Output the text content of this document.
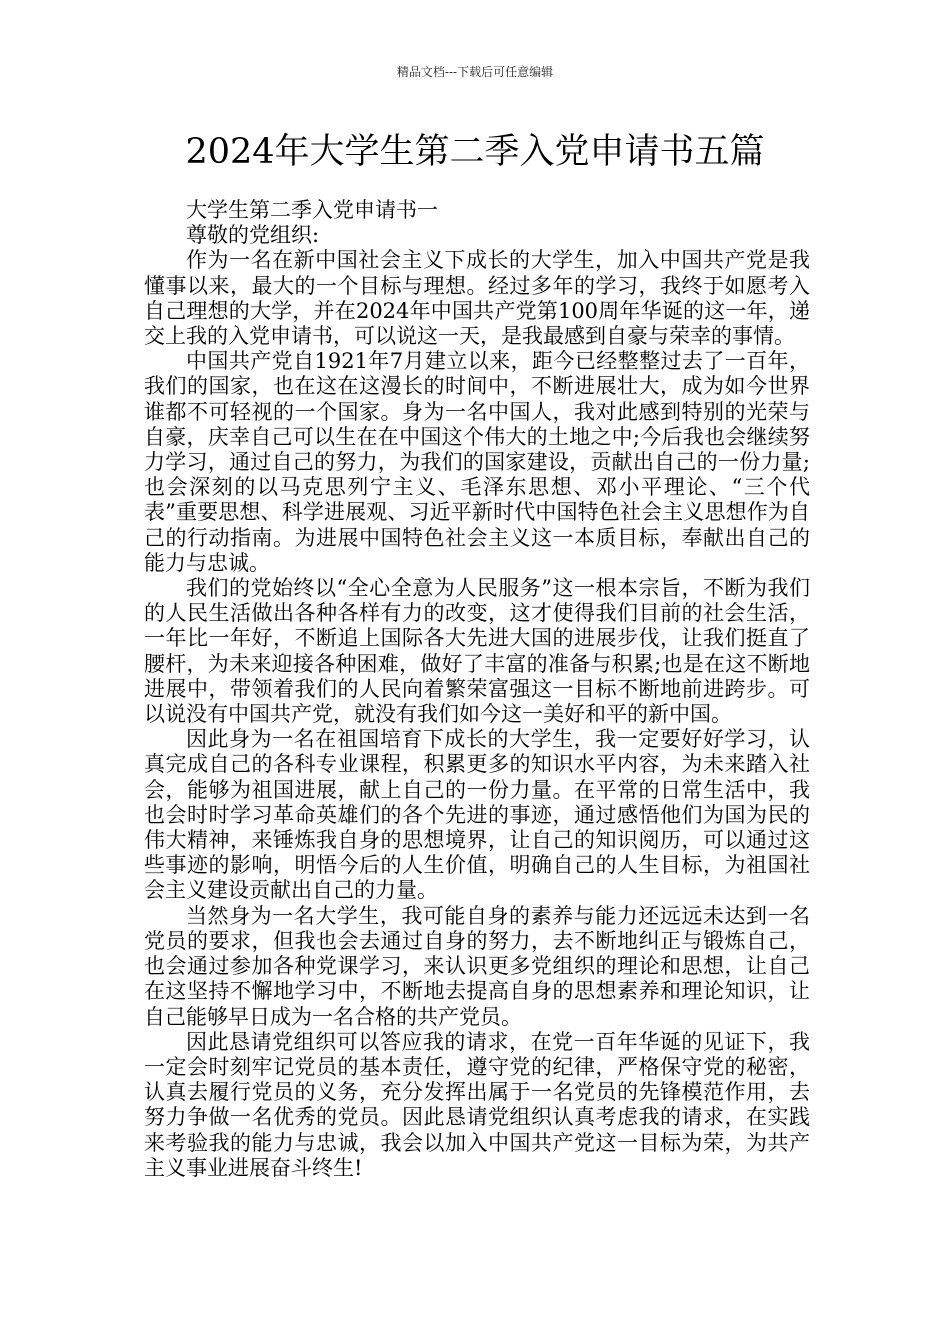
精品文档---下载后可任意编辑
2024年大学生第二季入党申请书五篇

大学生第二季入党申请书一

尊敬的党组织:

作为一名在新中国社会主义下成长的大学生，加入中国共产党是我懂事以来，最大的一个目标与理想。经过多年的学习，我终于如愿考入自己理想的大学，并在2024年中国共产党第100周年华诞的这一年，递交上我的入党申请书，可以说这一天，是我最感到自豪与荣幸的事情。

中国共产党自1921年7月建立以来，距今已经整整过去了一百年，我们的国家，也在这在这漫长的时间中，不断进展壮大，成为如今世界谁都不可轻视的一个国家。身为一名中国人，我对此感到特别的光荣与自豪，庆幸自己可以生在在中国这个伟大的土地之中;今后我也会继续努力学习，通过自己的努力，为我们的国家建设，贡献出自己的一份力量;也会深刻的以马克思列宁主义、毛泽东思想、邓小平理论、“三个代表”重要思想、科学进展观、习近平新时代中国特色社会主义思想作为自己的行动指南。为进展中国特色社会主义这一本质目标，奉献出自己的能力与忠诚。

我们的党始终以“全心全意为人民服务”这一根本宗旨，不断为我们的人民生活做出各种各样有力的改变，这才使得我们目前的社会生活，一年比一年好，不断追上国际各大先进大国的进展步伐，让我们挺直了腰杆，为未来迎接各种困难，做好了丰富的准备与积累;也是在这不断地进展中，带领着我们的人民向着繁荣富强这一目标不断地前进跨步。可以说没有中国共产党，就没有我们如今这一美好和平的新中国。

因此身为一名在祖国培育下成长的大学生，我一定要好好学习，认真完成自己的各科专业课程，积累更多的知识水平内容，为未来踏入社会，能够为祖国进展，献上自己的一份力量。在平常的日常生活中，我也会时时学习革命英雄们的各个先进的事迹，通过感悟他们为国为民的伟大精神，来锤炼我自身的思想境界，让自己的知识阅历，可以通过这些事迹的影响，明悟今后的人生价值，明确自己的人生目标，为祖国社会主义建设贡献出自己的力量。

当然身为一名大学生，我可能自身的素养与能力还远远未达到一名党员的要求，但我也会去通过自身的努力，去不断地纠正与锻炼自己，也会通过参加各种党课学习，来认识更多党组织的理论和思想，让自己在这坚持不懈地学习中，不断地去提高自身的思想素养和理论知识，让自己能够早日成为一名合格的共产党员。

因此恳请党组织可以答应我的请求，在党一百年华诞的见证下，我一定会时刻牢记党员的基本责任，遵守党的纪律，严格保守党的秘密，认真去履行党员的义务，充分发挥出属于一名党员的先锋模范作用，去努力争做一名优秀的党员。因此恳请党组织认真考虑我的请求，在实践来考验我的能力与忠诚，我会以加入中国共产党这一目标为荣，为共产主义事业进展奋斗终生!
